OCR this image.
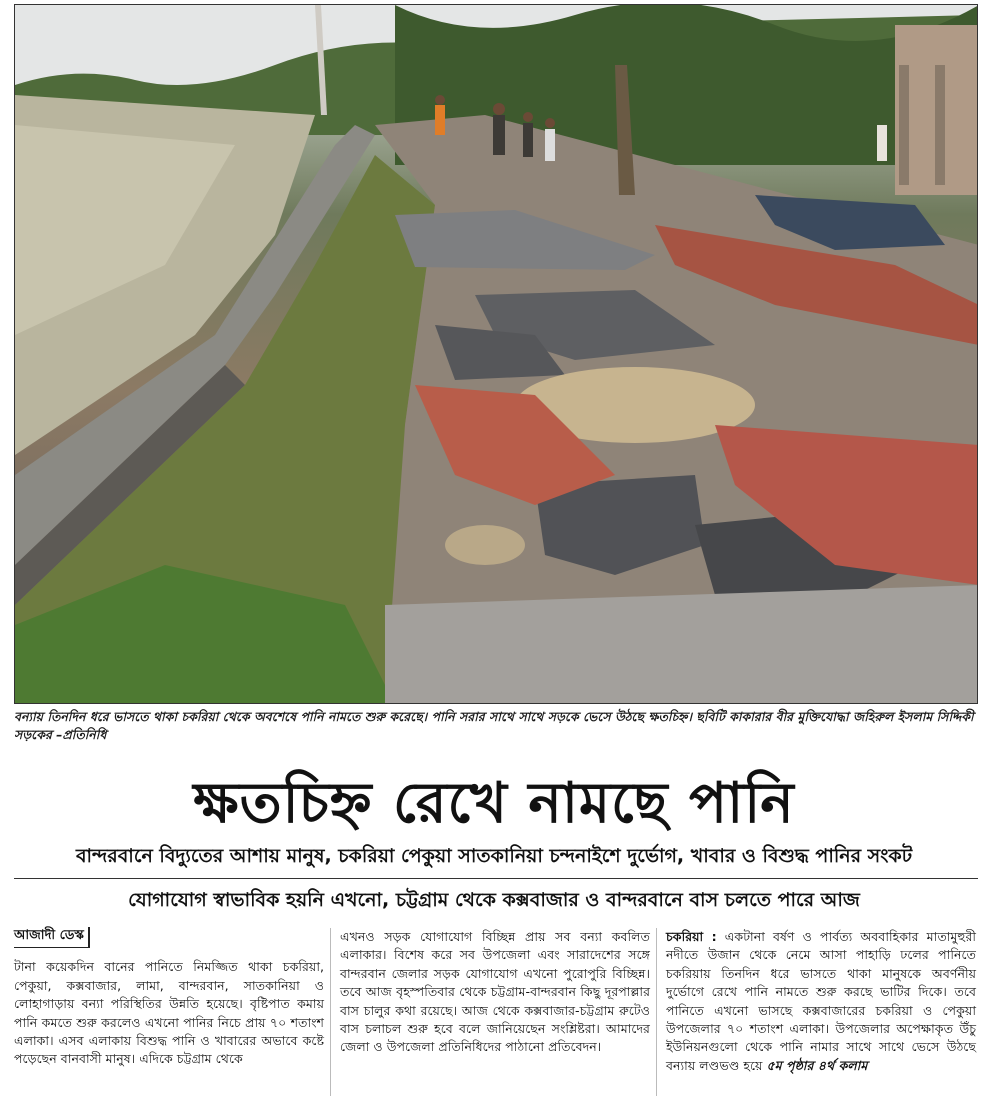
বন্যায় তিনদিন ধরে ভাসতে থাকা চকরিয়া থেকে অবশেষে পানি নামতে শুরু করেছে। পানি সরার সাথে সাথে সড়কে ভেসে উঠছে ক্ষতচিহ্ন। ছবিটি কাকারার বীর মুক্তিযোদ্ধা জহিরুল ইসলাম সিদ্দিকী সড়কের –প্রতিনিধি
ক্ষতচিহ্ন রেখে নামছে পানি
বান্দরবানে বিদ্যুতের আশায় মানুষ, চকরিয়া পেকুয়া সাতকানিয়া চন্দনাইশে দুর্ভোগ, খাবার ও বিশুদ্ধ পানির সংকট
যোগাযোগ স্বাভাবিক হয়নি এখনো, চট্টগ্রাম থেকে কক্সবাজার ও বান্দরবানে বাস চলতে পারে আজ
আজাদী ডেস্ক
টানা কয়েকদিন বানের পানিতে নিমজ্জিত থাকা চকরিয়া, পেকুয়া, কক্সবাজার, লামা, বান্দরবান, সাতকানিয়া ও লোহাগাড়ায় বন্যা পরিস্থিতির উন্নতি হয়েছে। বৃষ্টিপাত কমায় পানি কমতে শুরু করলেও এখনো পানির নিচে প্রায় ৭০ শতাংশ এলাকা। এসব এলাকায় বিশুদ্ধ পানি ও খাবারের অভাবে কষ্টে পড়েছেন বানবাসী মানুষ। এদিকে চট্টগ্রাম থেকে
এখনও সড়ক যোগাযোগ বিচ্ছিন্ন প্রায় সব বন্যা কবলিত এলাকার। বিশেষ করে সব উপজেলা এবং সারাদেশের সঙ্গে বান্দরবান জেলার সড়ক যোগাযোগ এখনো পুরোপুরি বিচ্ছিন্ন। তবে আজ বৃহস্পতিবার থেকে চট্টগ্রাম-বান্দরবান কিছু দূরপাল্লার বাস চালুর কথা রয়েছে। আজ থেকে কক্সবাজার-চট্টগ্রাম রুটেও বাস চলাচল শুরু হবে বলে জানিয়েছেন সংশ্লিষ্টরা। আমাদের জেলা ও উপজেলা প্রতিনিধিদের পাঠানো প্রতিবেদন।
চকরিয়া : একটানা বর্ষণ ও পার্বত্য অববাহিকার মাতামুহুরী নদীতে উজান থেকে নেমে আসা পাহাড়ি ঢলের পানিতে চকরিয়ায় তিনদিন ধরে ভাসতে থাকা মানুষকে অবর্ণনীয় দুর্ভোগে রেখে পানি নামতে শুরু করছে ভাটির দিকে। তবে পানিতে এখনো ভাসছে কক্সবাজারের চকরিয়া ও পেকুয়া উপজেলার ৭০ শতাংশ এলাকা। উপজেলার অপেক্ষাকৃত উঁচু ইউনিয়নগুলো থেকে পানি নামার সাথে সাথে ভেসে উঠছে বন্যায় লণ্ডভণ্ড হয়ে ৫ম পৃষ্ঠার ৪র্থ কলাম
